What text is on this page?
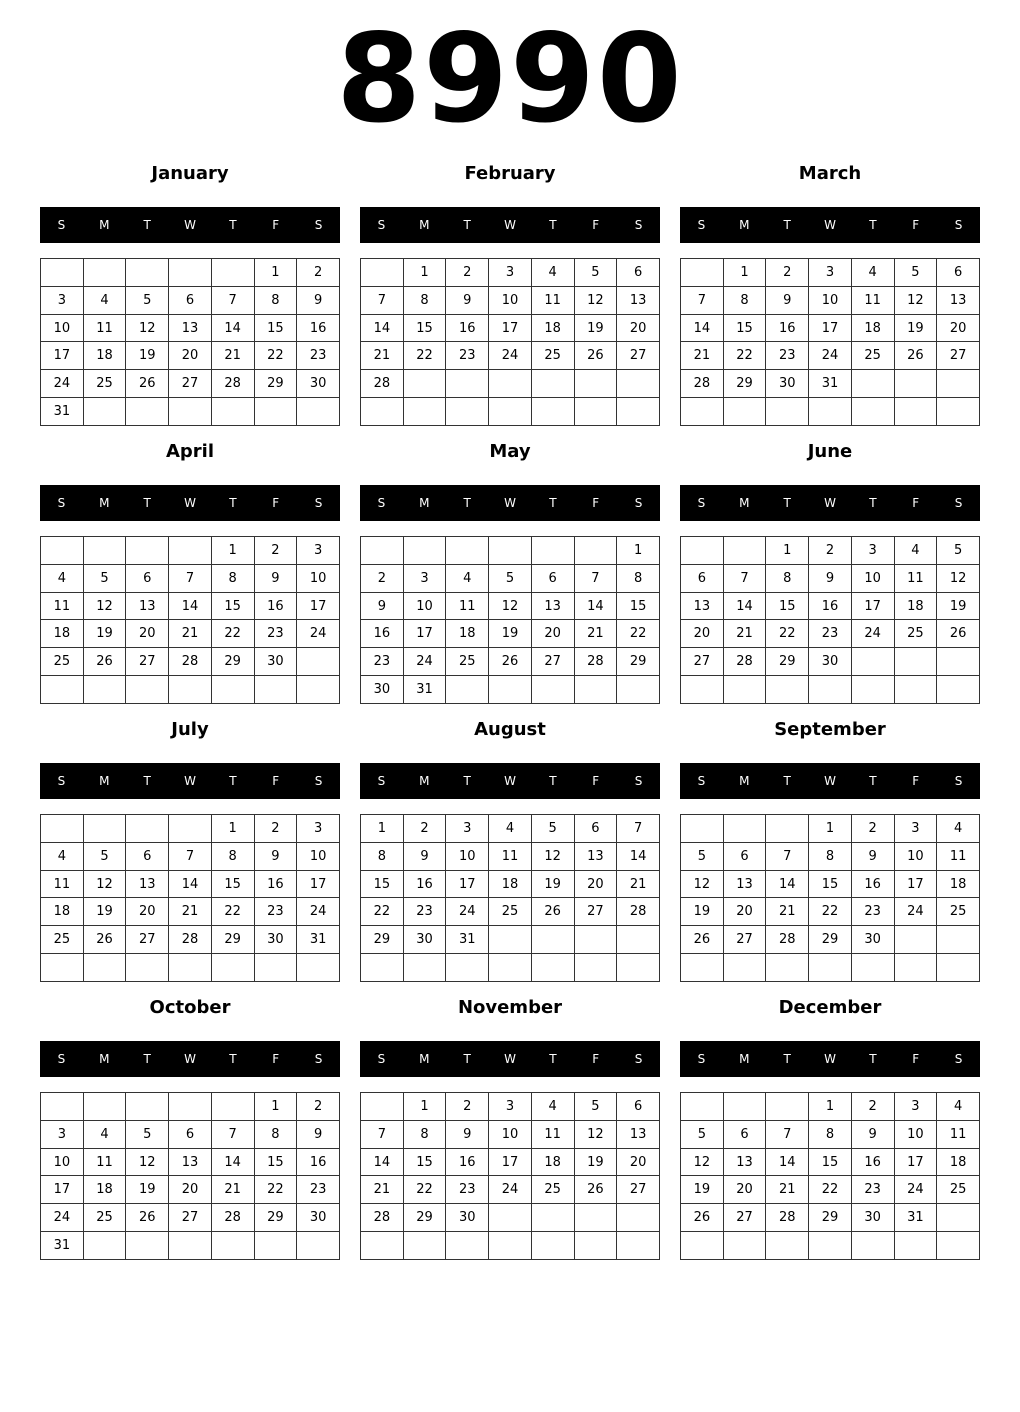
8990
January
S	M	T	W	T	F	S
					1	2
3	4	5	6	7	8	9
10	11	12	13	14	15	16
17	18	19	20	21	22	23
24	25	26	27	28	29	30
31						
February
S	M	T	W	T	F	S
	1	2	3	4	5	6
7	8	9	10	11	12	13
14	15	16	17	18	19	20
21	22	23	24	25	26	27
28						

March
S	M	T	W	T	F	S
	1	2	3	4	5	6
7	8	9	10	11	12	13
14	15	16	17	18	19	20
21	22	23	24	25	26	27
28	29	30	31			

April
S	M	T	W	T	F	S
				1	2	3
4	5	6	7	8	9	10
11	12	13	14	15	16	17
18	19	20	21	22	23	24
25	26	27	28	29	30	

May
S	M	T	W	T	F	S
						1
2	3	4	5	6	7	8
9	10	11	12	13	14	15
16	17	18	19	20	21	22
23	24	25	26	27	28	29
30	31					
June
S	M	T	W	T	F	S
		1	2	3	4	5
6	7	8	9	10	11	12
13	14	15	16	17	18	19
20	21	22	23	24	25	26
27	28	29	30			

July
S	M	T	W	T	F	S
				1	2	3
4	5	6	7	8	9	10
11	12	13	14	15	16	17
18	19	20	21	22	23	24
25	26	27	28	29	30	31

August
S	M	T	W	T	F	S
1	2	3	4	5	6	7
8	9	10	11	12	13	14
15	16	17	18	19	20	21
22	23	24	25	26	27	28
29	30	31				

September
S	M	T	W	T	F	S
			1	2	3	4
5	6	7	8	9	10	11
12	13	14	15	16	17	18
19	20	21	22	23	24	25
26	27	28	29	30		

October
S	M	T	W	T	F	S
					1	2
3	4	5	6	7	8	9
10	11	12	13	14	15	16
17	18	19	20	21	22	23
24	25	26	27	28	29	30
31						
November
S	M	T	W	T	F	S
	1	2	3	4	5	6
7	8	9	10	11	12	13
14	15	16	17	18	19	20
21	22	23	24	25	26	27
28	29	30				

December
S	M	T	W	T	F	S
			1	2	3	4
5	6	7	8	9	10	11
12	13	14	15	16	17	18
19	20	21	22	23	24	25
26	27	28	29	30	31	
